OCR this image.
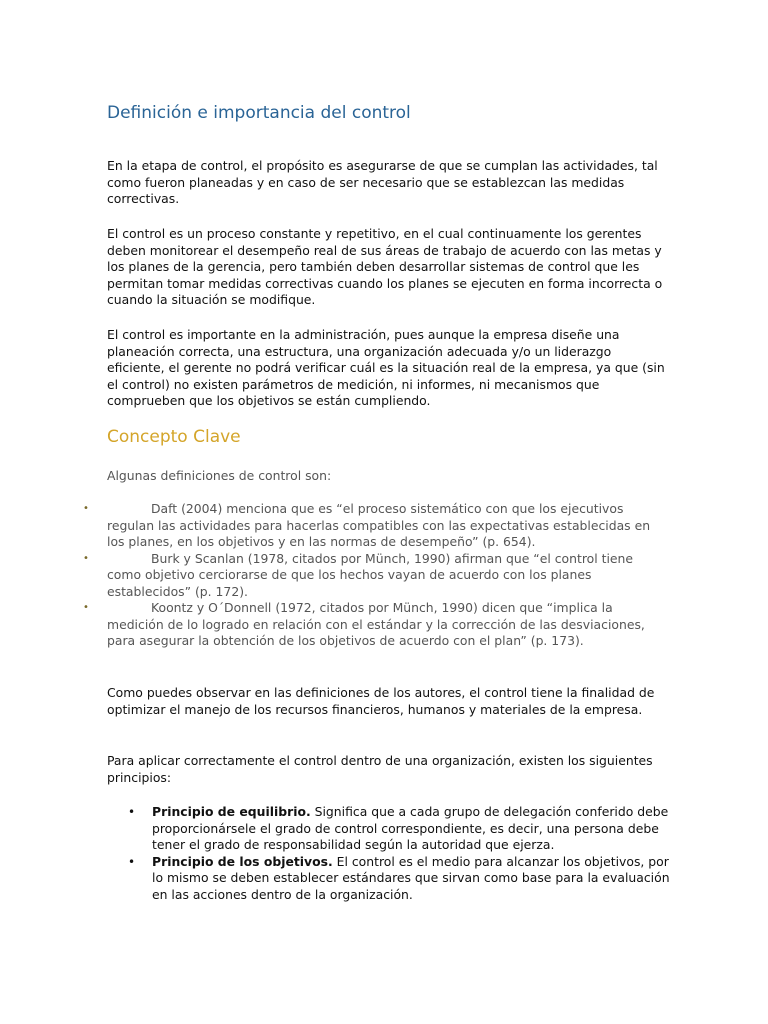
Definición e importancia del control

En la etapa de control, el propósito es asegurarse de que se cumplan las actividades, tal como fueron planeadas y en caso de ser necesario que se establezcan las medidas correctivas.

El control es un proceso constante y repetitivo, en el cual continuamente los gerentes deben monitorear el desempeño real de sus áreas de trabajo de acuerdo con las metas y los planes de la gerencia, pero también deben desarrollar sistemas de control que les permitan tomar medidas correctivas cuando los planes se ejecuten en forma incorrecta o cuando la situación se modifique.

El control es importante en la administración, pues aunque la empresa diseñe una planeación correcta, una estructura, una organización adecuada y/o un liderazgo eficiente, el gerente no podrá verificar cuál es la situación real de la empresa, ya que (sin el control) no existen parámetros de medición, ni informes, ni mecanismos que comprueben que los objetivos se están cumpliendo.

Concepto Clave

Algunas definiciones de control son:

•	Daft (2004) menciona que es “el proceso sistemático con que los ejecutivos regulan las actividades para hacerlas compatibles con las expectativas establecidas en los planes, en los objetivos y en las normas de desempeño” (p. 654).
•	Burk y Scanlan (1978, citados por Münch, 1990) afirman que “el control tiene como objetivo cerciorarse de que los hechos vayan de acuerdo con los planes establecidos” (p. 172).
•	Koontz y O´Donnell (1972, citados por Münch, 1990) dicen que “implica la medición de lo logrado en relación con el estándar y la corrección de las desviaciones, para asegurar la obtención de los objetivos de acuerdo con el plan” (p. 173).

Como puedes observar en las definiciones de los autores, el control tiene la finalidad de optimizar el manejo de los recursos financieros, humanos y materiales de la empresa.

Para aplicar correctamente el control dentro de una organización, existen los siguientes principios:

• Principio de equilibrio. Significa que a cada grupo de delegación conferido debe proporcionársele el grado de control correspondiente, es decir, una persona debe tener el grado de responsabilidad según la autoridad que ejerza.
• Principio de los objetivos. El control es el medio para alcanzar los objetivos, por lo mismo se deben establecer estándares que sirvan como base para la evaluación en las acciones dentro de la organización.
